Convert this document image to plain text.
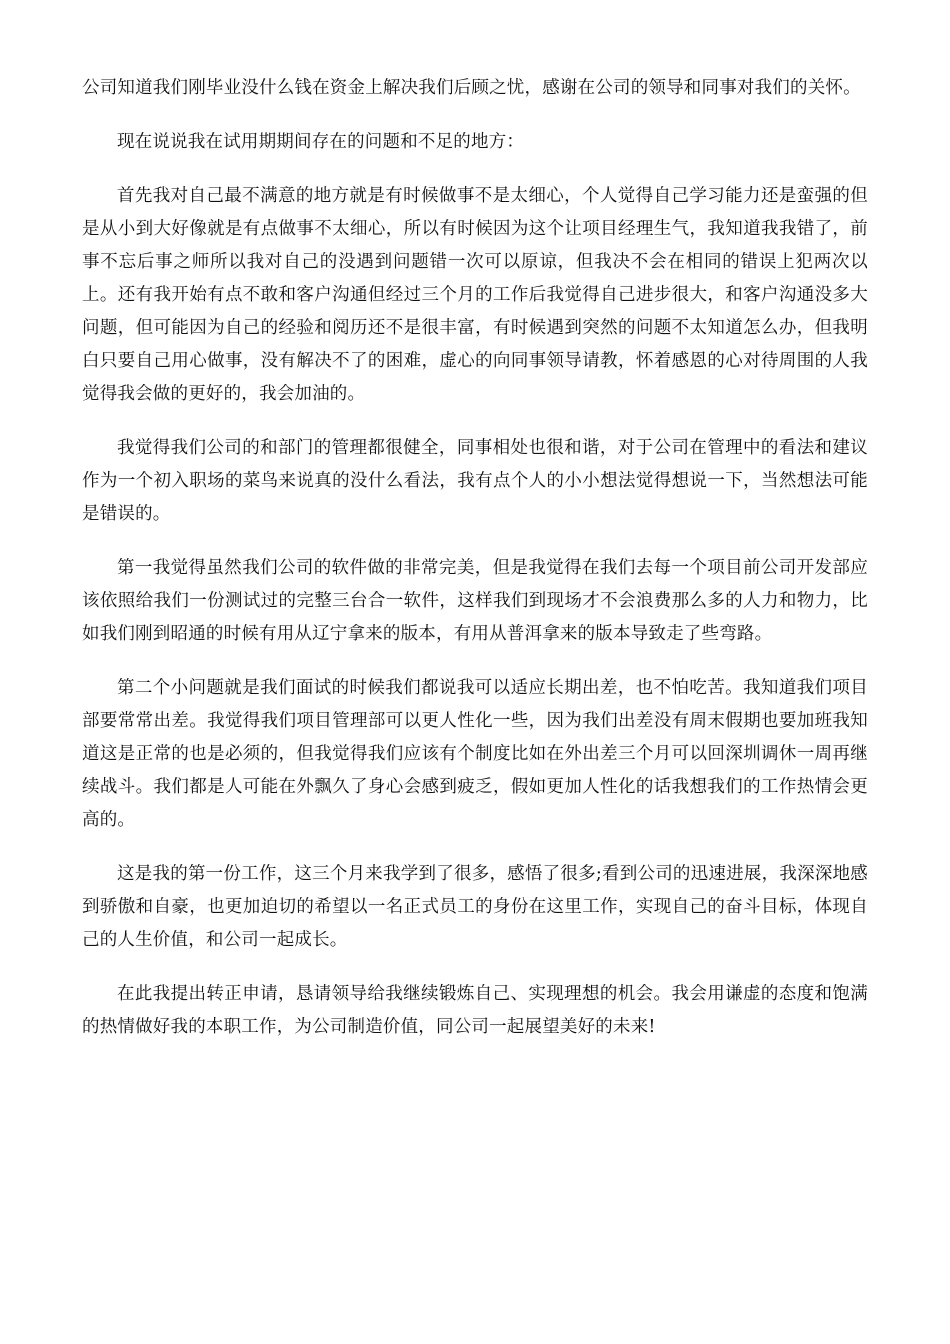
公司知道我们刚毕业没什么钱在资金上解决我们后顾之忧，感谢在公司的领导和同事对我们的关怀。

现在说说我在试用期期间存在的问题和不足的地方：

首先我对自己最不满意的地方就是有时候做事不是太细心，个人觉得自己学习能力还是蛮强的但是从小到大好像就是有点做事不太细心，所以有时候因为这个让项目经理生气，我知道我我错了，前事不忘后事之师所以我对自己的没遇到问题错一次可以原谅，但我决不会在相同的错误上犯两次以上。还有我开始有点不敢和客户沟通但经过三个月的工作后我觉得自己进步很大，和客户沟通没多大问题，但可能因为自己的经验和阅历还不是很丰富，有时候遇到突然的问题不太知道怎么办，但我明白只要自己用心做事，没有解决不了的困难，虚心的向同事领导请教，怀着感恩的心对待周围的人我觉得我会做的更好的，我会加油的。

我觉得我们公司的和部门的管理都很健全，同事相处也很和谐，对于公司在管理中的看法和建议作为一个初入职场的菜鸟来说真的没什么看法，我有点个人的小小想法觉得想说一下，当然想法可能是错误的。

第一我觉得虽然我们公司的软件做的非常完美，但是我觉得在我们去每一个项目前公司开发部应该依照给我们一份测试过的完整三台合一软件，这样我们到现场才不会浪费那么多的人力和物力，比如我们刚到昭通的时候有用从辽宁拿来的版本，有用从普洱拿来的版本导致走了些弯路。

第二个小问题就是我们面试的时候我们都说我可以适应长期出差，也不怕吃苦。我知道我们项目部要常常出差。我觉得我们项目管理部可以更人性化一些，因为我们出差没有周末假期也要加班我知道这是正常的也是必须的，但我觉得我们应该有个制度比如在外出差三个月可以回深圳调休一周再继续战斗。我们都是人可能在外飘久了身心会感到疲乏，假如更加人性化的话我想我们的工作热情会更高的。

这是我的第一份工作，这三个月来我学到了很多，感悟了很多;看到公司的迅速进展，我深深地感到骄傲和自豪，也更加迫切的希望以一名正式员工的身份在这里工作，实现自己的奋斗目标，体现自己的人生价值，和公司一起成长。

在此我提出转正申请，恳请领导给我继续锻炼自己、实现理想的机会。我会用谦虚的态度和饱满的热情做好我的本职工作，为公司制造价值，同公司一起展望美好的未来!
